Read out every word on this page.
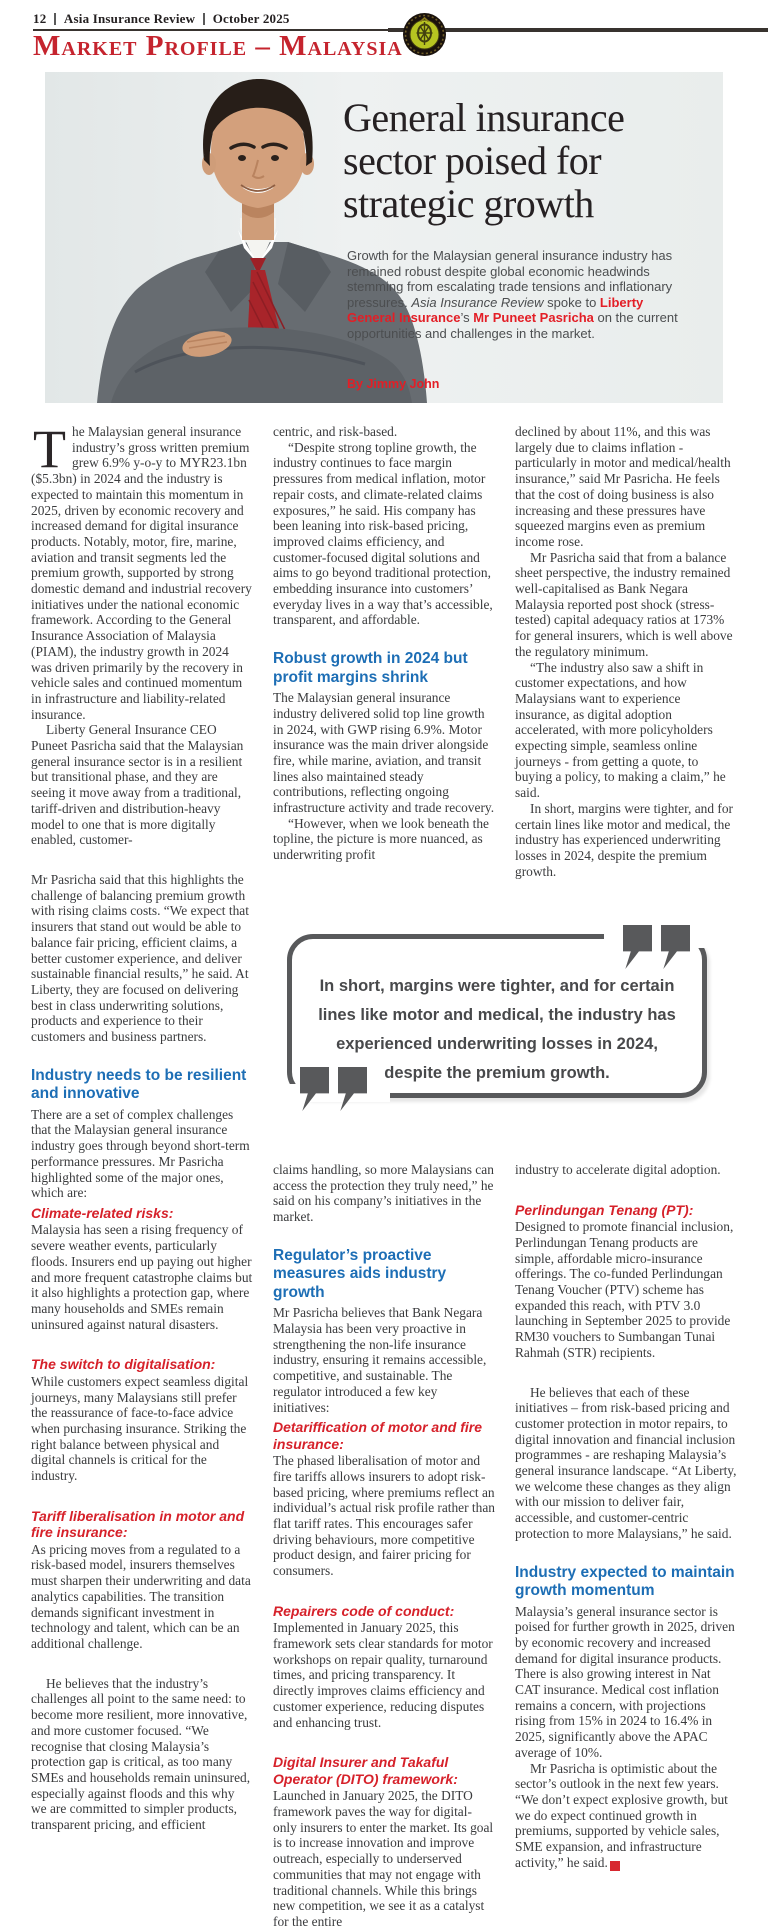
12 Asia Insurance Review October 2025
Market Profile – Malaysia
General insurance sector poised for strategic growth

Growth for the Malaysian general insurance industry has remained robust despite global economic headwinds stemming from escalating trade tensions and inflationary pressures. Asia Insurance Review spoke to Liberty General Insurance’s Mr Puneet Pasricha on the current opportunities and challenges in the market.

By Jimmy John

The Malaysian general insurance industry’s gross written premium grew 6.9% y-o-y to MYR23.1bn ($5.3bn) in 2024 and the industry is expected to maintain this momentum in 2025, driven by economic recovery and increased demand for digital insurance products. Notably, motor, fire, marine, aviation and transit segments led the premium growth, supported by strong domestic demand and industrial recovery initiatives under the national economic framework. According to the General Insurance Association of Malaysia (PIAM), the industry growth in 2024 was driven primarily by the recovery in vehicle sales and continued momentum in infrastructure and liability-related insurance.

Liberty General Insurance CEO Puneet Pasricha said that the Malaysian general insurance sector is in a resilient but transitional phase, and they are seeing it move away from a traditional, tariff-driven and distribution-heavy model to one that is more digitally enabled, customer-

Mr Pasricha said that this highlights the challenge of balancing premium growth with rising claims costs. “We expect that insurers that stand out would be able to balance fair pricing, efficient claims, a better customer experience, and deliver sustainable financial results,” he said. At Liberty, they are focused on delivering best in class underwriting solutions, products and experience to their customers and business partners.

Industry needs to be resilient and innovative

There are a set of complex challenges that the Malaysian general insurance industry goes through beyond short-term performance pressures. Mr Pasricha highlighted some of the major ones, which are:

Climate-related risks:

Malaysia has seen a rising frequency of severe weather events, particularly floods. Insurers end up paying out higher and more frequent catastrophe claims but it also highlights a protection gap, where many households and SMEs remain uninsured against natural disasters.

The switch to digitalisation:

While customers expect seamless digital journeys, many Malaysians still prefer the reassurance of face-to-face advice when purchasing insurance. Striking the right balance between physical and digital channels is critical for the industry.

Tariff liberalisation in motor and fire insurance:

As pricing moves from a regulated to a risk-based model, insurers themselves must sharpen their underwriting and data analytics capabilities. The transition demands significant investment in technology and talent, which can be an additional challenge.

He believes that the industry’s challenges all point to the same need: to become more resilient, more innovative, and more customer focused. “We recognise that closing Malaysia’s protection gap is critical, as too many SMEs and households remain uninsured, especially against floods and this why we are committed to simpler products, transparent pricing, and efficient

centric, and risk-based.

“Despite strong topline growth, the industry continues to face margin pressures from medical inflation, motor repair costs, and climate-related claims exposures,” he said. His company has been leaning into risk-based pricing, improved claims efficiency, and customer-focused digital solutions and aims to go beyond traditional protection, embedding insurance into customers’ everyday lives in a way that’s accessible, transparent, and affordable.

Robust growth in 2024 but profit margins shrink

The Malaysian general insurance industry delivered solid top line growth in 2024, with GWP rising 6.9%. Motor insurance was the main driver alongside fire, while marine, aviation, and transit lines also maintained steady contributions, reflecting ongoing infrastructure activity and trade recovery.

“However, when we look beneath the topline, the picture is more nuanced, as underwriting profit

declined by about 11%, and this was largely due to claims inflation - particularly in motor and medical/health insurance,” said Mr Pasricha. He feels that the cost of doing business is also increasing and these pressures have squeezed margins even as premium income rose.

Mr Pasricha said that from a balance sheet perspective, the industry remained well-capitalised as Bank Negara Malaysia reported post shock (stress-tested) capital adequacy ratios at 173% for general insurers, which is well above the regulatory minimum.

“The industry also saw a shift in customer expectations, and how Malaysians want to experience insurance, as digital adoption accelerated, with more policyholders expecting simple, seamless online journeys - from getting a quote, to buying a policy, to making a claim,” he said.

In short, margins were tighter, and for certain lines like motor and medical, the industry has experienced underwriting losses in 2024, despite the premium growth.

claims handling, so more Malaysians can access the protection they truly need,” he said on his company’s initiatives in the market.

Regulator’s proactive measures aids industry growth

Mr Pasricha believes that Bank Negara Malaysia has been very proactive in strengthening the non-life insurance industry, ensuring it remains accessible, competitive, and sustainable. The regulator introduced a few key initiatives:

Detariffication of motor and fire insurance:

The phased liberalisation of motor and fire tariffs allows insurers to adopt risk-based pricing, where premiums reflect an individual’s actual risk profile rather than flat tariff rates. This encourages safer driving behaviours, more competitive product design, and fairer pricing for consumers.

Repairers code of conduct:

Implemented in January 2025, this framework sets clear standards for motor workshops on repair quality, turnaround times, and pricing transparency. It directly improves claims efficiency and customer experience, reducing disputes and enhancing trust.

Digital Insurer and Takaful Operator (DITO) framework:

Launched in January 2025, the DITO framework paves the way for digital-only insurers to enter the market. Its goal is to increase innovation and improve outreach, especially to underserved communities that may not engage with traditional channels. While this brings new competition, we see it as a catalyst for the entire

industry to accelerate digital adoption.

Perlindungan Tenang (PT):

Designed to promote financial inclusion, Perlindungan Tenang products are simple, affordable micro-insurance offerings. The co-funded Perlindungan Tenang Voucher (PTV) scheme has expanded this reach, with PTV 3.0 launching in September 2025 to provide RM30 vouchers to Sumbangan Tunai Rahmah (STR) recipients.

He believes that each of these initiatives – from risk-based pricing and customer protection in motor repairs, to digital innovation and financial inclusion programmes - are reshaping Malaysia’s general insurance landscape. “At Liberty, we welcome these changes as they align with our mission to deliver fair, accessible, and customer-centric protection to more Malaysians,” he said.

Industry expected to maintain growth momentum

Malaysia’s general insurance sector is poised for further growth in 2025, driven by economic recovery and increased demand for digital insurance products. There is also growing interest in Nat CAT insurance. Medical cost inflation remains a concern, with projections rising from 15% in 2024 to 16.4% in 2025, significantly above the APAC average of 10%.

Mr Pasricha is optimistic about the sector’s outlook in the next few years. “We don’t expect explosive growth, but we do expect continued growth in premiums, supported by vehicle sales, SME expansion, and infrastructure activity,” he said. A

In short, margins were tighter, and for certain lines like motor and medical, the industry has experienced underwriting losses in 2024, despite the premium growth.
